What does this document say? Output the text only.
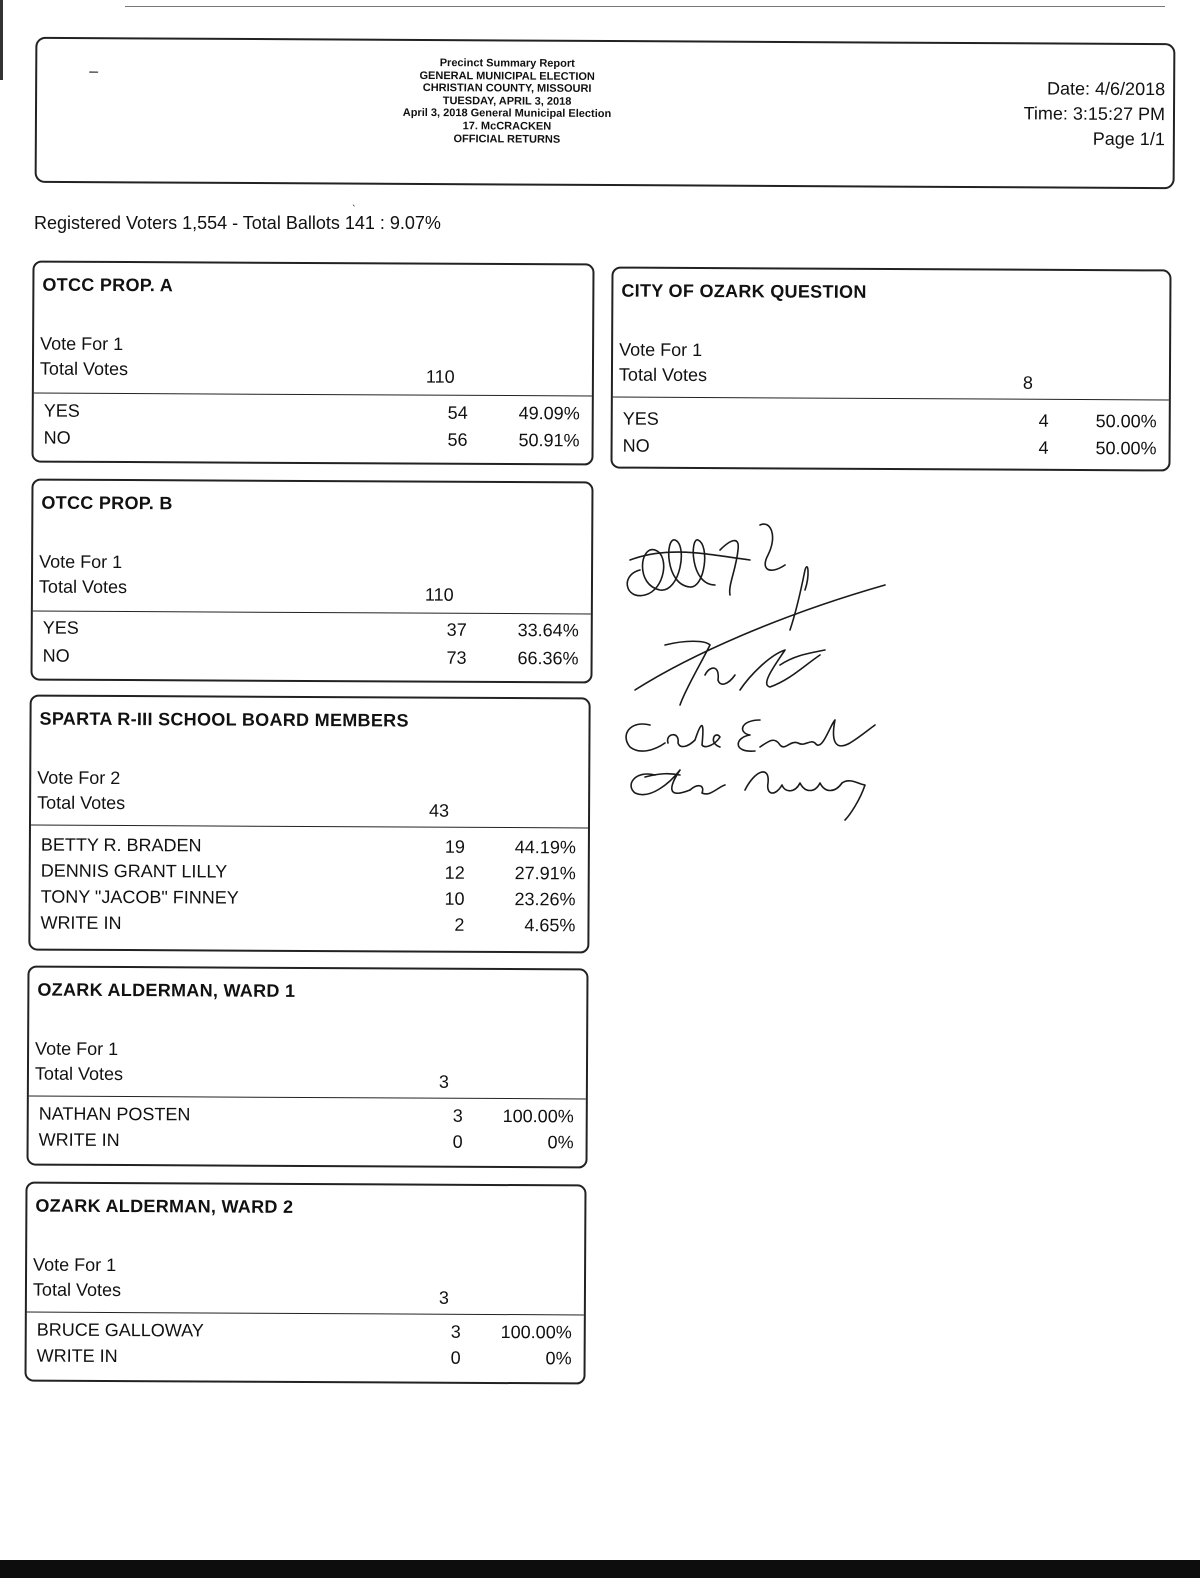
–	Precinct Summary Report
GENERAL MUNICIPAL ELECTION
CHRISTIAN COUNTY, MISSOURI
TUESDAY, APRIL 3, 2018
April 3, 2018 General Municipal Election
17. McCRACKEN
OFFICIAL RETURNS
Date: 4/6/2018
Time: 3:15:27 PM
Page 1/1
ˎ
Registered Voters 1,554 - Total Ballots 141 : 9.07%
OTCC PROP. A
Vote For 1
Total Votes	110
YES	54	49.09%
NO	56	50.91%
CITY OF OZARK QUESTION
Vote For 1
Total Votes	8
YES	4	50.00%
NO	4	50.00%
OTCC PROP. B
Vote For 1
Total Votes	110
YES	37	33.64%
NO	73	66.36%
SPARTA R-III SCHOOL BOARD MEMBERS
Vote For 2
Total Votes	43
BETTY R. BRADEN	19	44.19%
DENNIS GRANT LILLY	12	27.91%
TONY "JACOB" FINNEY	10	23.26%
WRITE IN	2	4.65%
OZARK ALDERMAN, WARD 1
Vote For 1
Total Votes	3
NATHAN POSTEN	3 100.00%
WRITE IN	0	0%
OZARK ALDERMAN, WARD 2
Vote For 1
Total Votes	3
BRUCE GALLOWAY	3 100.00%
WRITE IN	0	0%
